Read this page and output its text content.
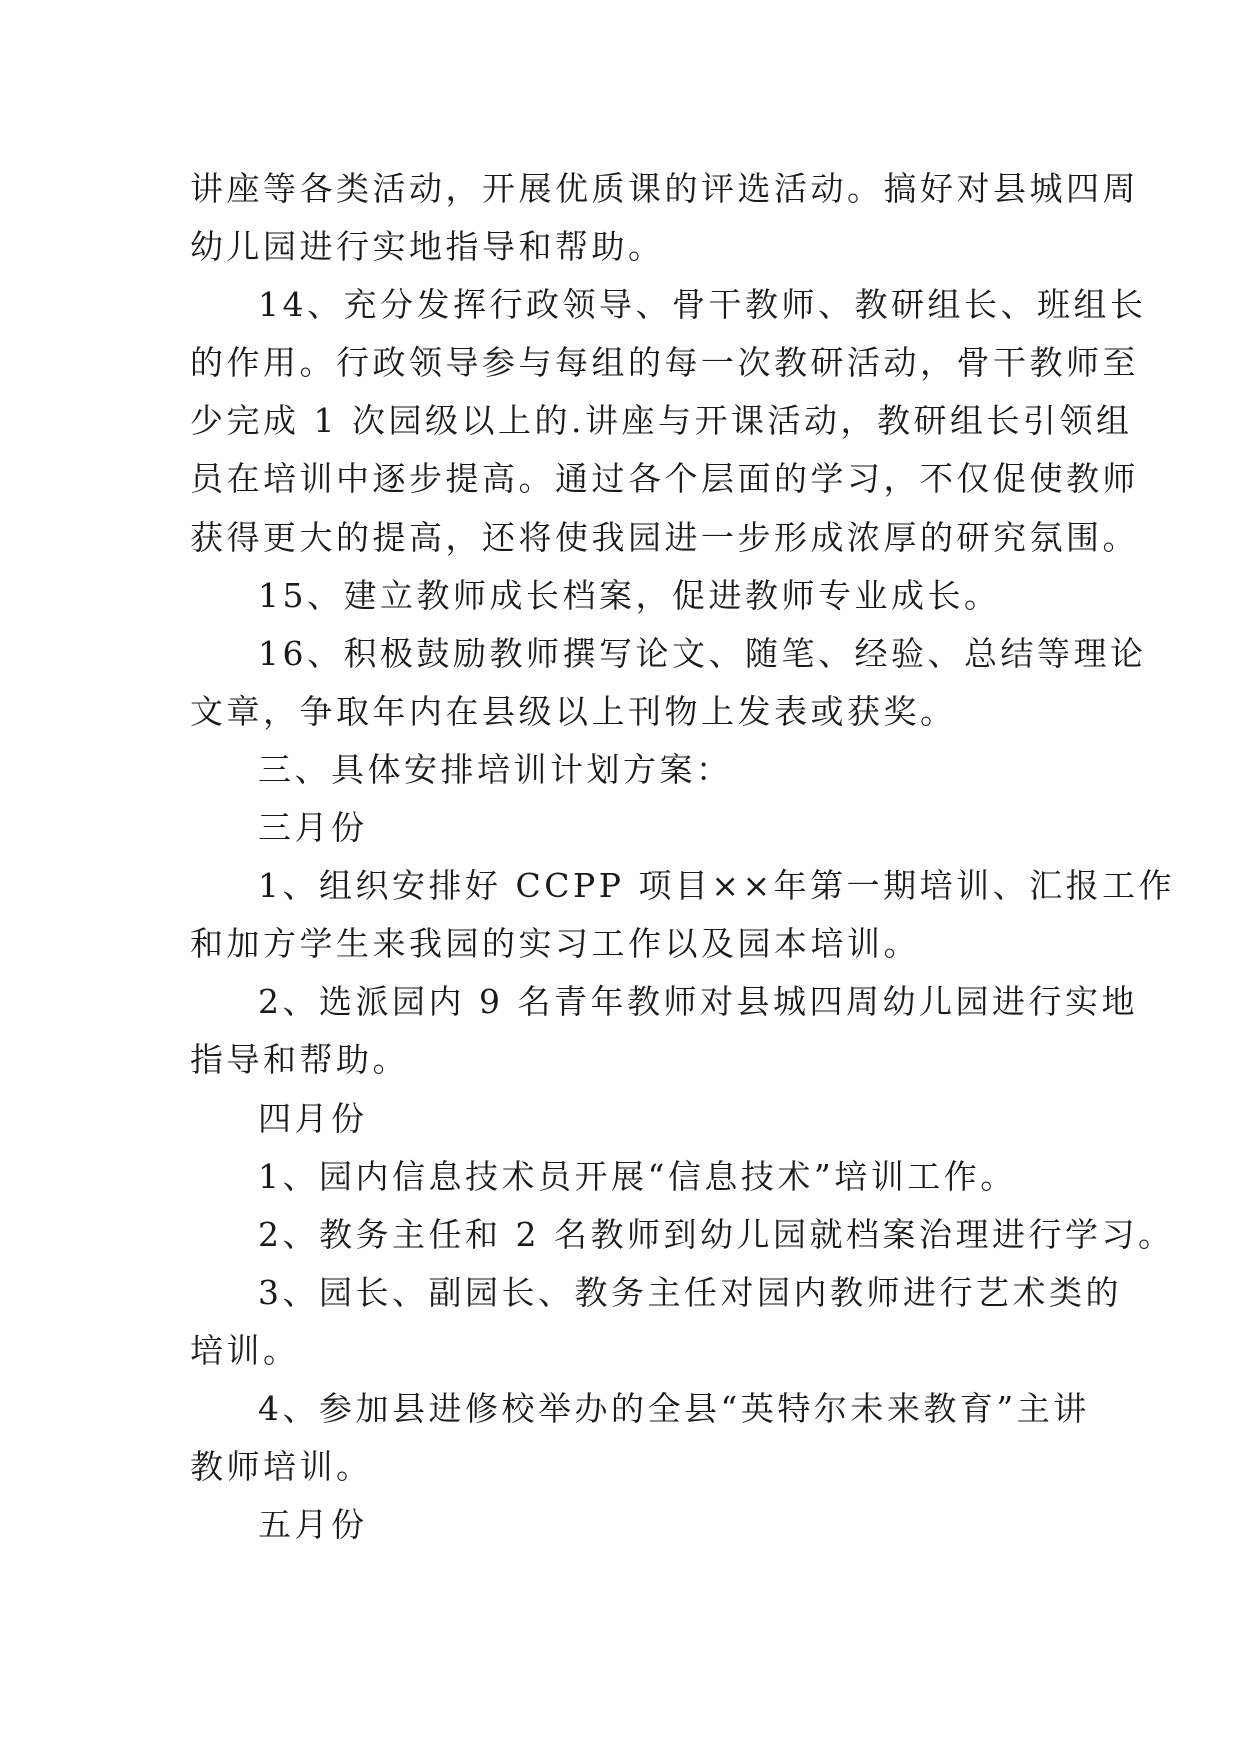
讲座等各类活动，开展优质课的评选活动。搞好对县城四周
幼儿园进行实地指导和帮助。
14、充分发挥行政领导、骨干教师、教研组长、班组长
的作用。行政领导参与每组的每一次教研活动，骨干教师至
少完成 1 次园级以上的.讲座与开课活动，教研组长引领组
员在培训中逐步提高。通过各个层面的学习，不仅促使教师
获得更大的提高，还将使我园进一步形成浓厚的研究氛围。
15、建立教师成长档案，促进教师专业成长。
16、积极鼓励教师撰写论文、随笔、经验、总结等理论
文章，争取年内在县级以上刊物上发表或获奖。
三、具体安排培训计划方案：
三月份
1、组织安排好 CCPP 项目××年第一期培训、汇报工作
和加方学生来我园的实习工作以及园本培训。
2、选派园内 9 名青年教师对县城四周幼儿园进行实地
指导和帮助。
四月份
1、园内信息技术员开展“信息技术”培训工作。
2、教务主任和 2 名教师到幼儿园就档案治理进行学习。
3、园长、副园长、教务主任对园内教师进行艺术类的
培训。
4、参加县进修校举办的全县“英特尔未来教育”主讲
教师培训。
五月份
